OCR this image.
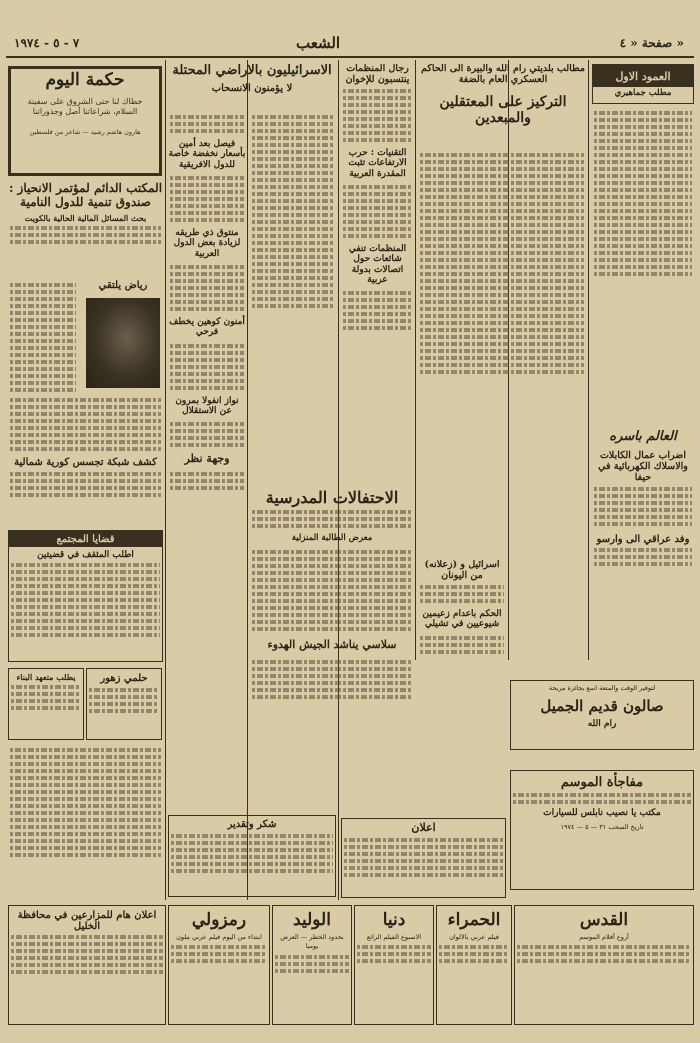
٧ - ٥ - ١٩٧٤	الشعب	صفحة « ٤ »
حكمة اليوم
خطاك لنا حتى الشروق على سفينة السلام، شراعاتنا أصل وجذوراتنا
هارون هاشم رشيد — شاعر من فلسطين
المكتب الدائم لمؤتمر الانحياز : صندوق تنمية للدول النامية
بحث المسائل المالية الحالية بالكويت
رياض يلتقي
كشف شبكة تجسس كورية شمالية
قضايا المجتمع
اطلب المثقف في قضيتين
يطلب متعهد البناء	حلمي زهور
الاسرائيليون بالاراضي المحتلة
لا يؤمنون الانسحاب
فيصل بعد أمين بأسعار نخفضة خاصة للدول الافريقية
منتوق ذي طريقه لزيادة بعض الدول العربية
أمنون كوهين يخطف فرحي
نواز انفولا بمرون عن الاستقلال
وجهة نظر
الاحتفالات المدرسية
معرض الطالبة المنزلية
سلاسي يناشد الجيش الهدوء
شكر وتقدير
رجال المنظمات ينتسبون للإخوان
التقنيات : حرب الارتفاعات تثبت المقدرة العربية
المنظمات تنفي شائعات حول اتصالات بدولة عربية
اسرائيل و (زعلانه) من اليونان
الحكم باعدام زعيمين شيوعيين في تشيلي
اعلان
مطالب بلديتي رام الله والبيرة الى الحاكم العسكري العام بالضفة
التركيز على المعتقلين والمبعدين
العمود الاول
مطلب جماهيري
العالم بأسره
اضراب عمال الكابلات والاسلاك الكهربائية في حيفا
وفد عراقي الى وارسو
لتوفير الوقت والمتعة اسع بجائزة مريحة
صالون قديم الجميل
رام الله
مفاجأة الموسم
مكتب يا نصيب نابلس للسيارات
تاريخ السحب ٣١ — ٥ — ١٩٧٤
اعلان هام للمزارعين في محافظة الخليل	رمزولي
ابتداء من اليوم فيلم عربي ملون
الوليد
بحدود الخطر — العرض يوميا
دنيا
الاسبوع الفيلم الرائع
الحمراء
فيلم عربي بالالوان
القدس
أروع أفلام الموسم
